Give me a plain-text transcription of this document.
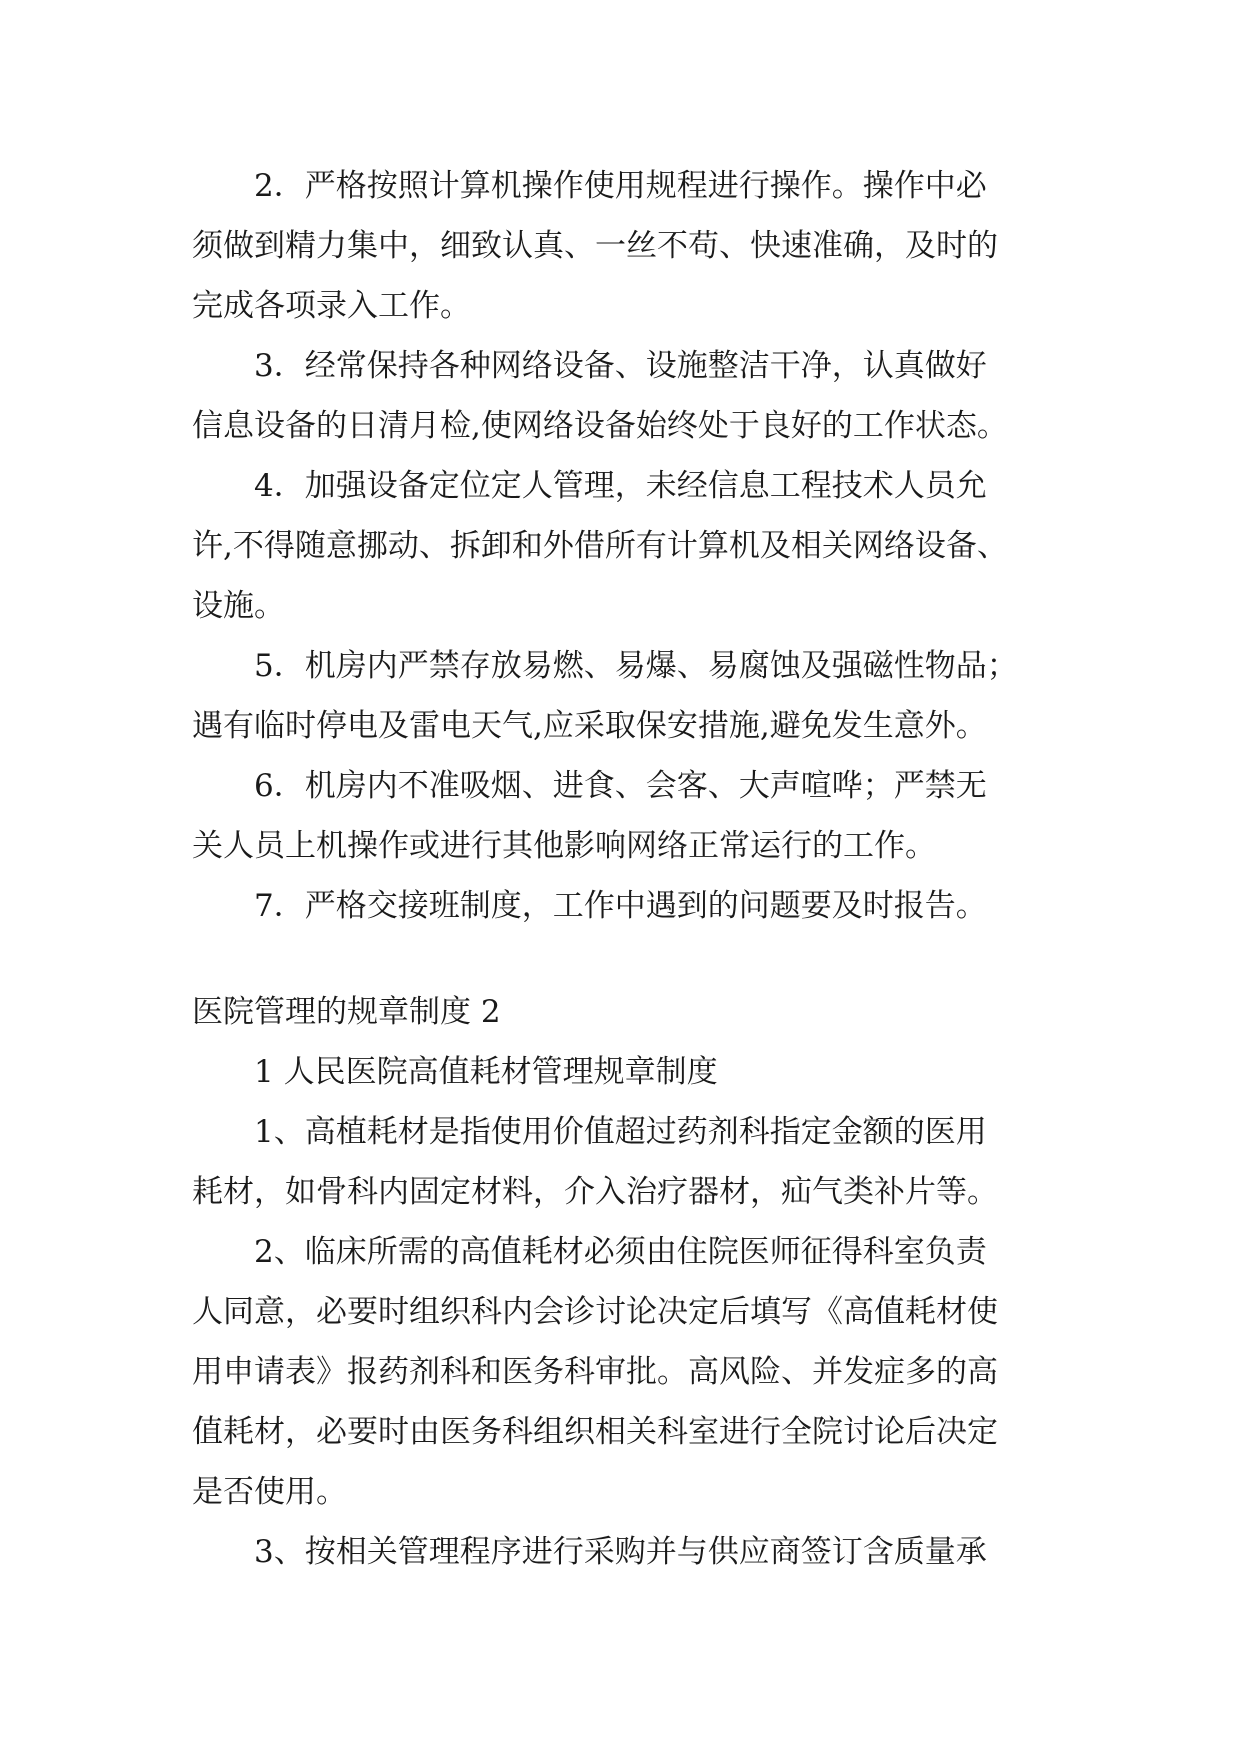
2．严格按照计算机操作使用规程进行操作。操作中必

须做到精力集中，细致认真、一丝不苟、快速准确，及时的

完成各项录入工作。

3．经常保持各种网络设备、设施整洁干净，认真做好

信息设备的日清月检,使网络设备始终处于良好的工作状态。

4．加强设备定位定人管理，未经信息工程技术人员允

许,不得随意挪动、拆卸和外借所有计算机及相关网络设备、

设施。

5．机房内严禁存放易燃、易爆、易腐蚀及强磁性物品；

遇有临时停电及雷电天气,应采取保安措施,避免发生意外。

6．机房内不准吸烟、进食、会客、大声喧哗；严禁无

关人员上机操作或进行其他影响网络正常运行的工作。

7．严格交接班制度，工作中遇到的问题要及时报告。

医院管理的规章制度 2

1 人民医院高值耗材管理规章制度

1、高植耗材是指使用价值超过药剂科指定金额的医用

耗材，如骨科内固定材料，介入治疗器材，疝气类补片等。

2、临床所需的高值耗材必须由住院医师征得科室负责

人同意，必要时组织科内会诊讨论决定后填写《高值耗材使

用申请表》报药剂科和医务科审批。高风险、并发症多的高

值耗材，必要时由医务科组织相关科室进行全院讨论后决定

是否使用。

3、按相关管理程序进行采购并与供应商签订含质量承
